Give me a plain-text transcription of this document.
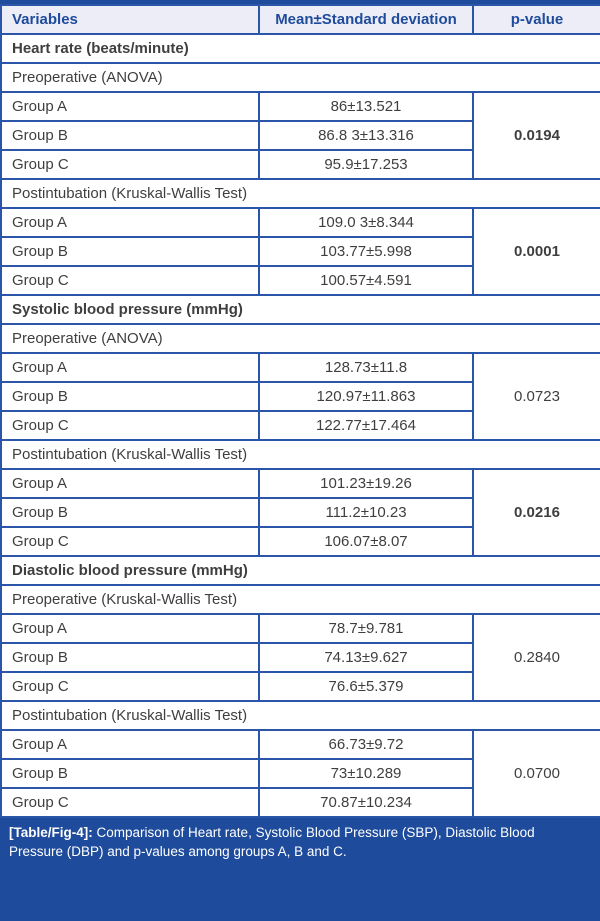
Variables	Mean±Standard deviation	p-value
Heart rate (beats/minute)		
Preoperative (ANOVA)		
Group A	86±13.521	0.0194
Group B	86.8 3±13.316	
Group C	95.9±17.253	
Postintubation (Kruskal-Wallis Test)		
Group A	109.0 3±8.344	0.0001
Group B	103.77±5.998	
Group C	100.57±4.591	
Systolic blood pressure (mmHg)		
Preoperative (ANOVA)		
Group A	128.73±11.8	0.0723
Group B	120.97±11.863	
Group C	122.77±17.464	
Postintubation (Kruskal-Wallis Test)		
Group A	101.23±19.26	0.0216
Group B	111.2±10.23	
Group C	106.07±8.07	
Diastolic blood pressure (mmHg)		
Preoperative (Kruskal-Wallis Test)		
Group A	78.7±9.781	0.2840
Group B	74.13±9.627	
Group C	76.6±5.379	
Postintubation (Kruskal-Wallis Test)		
Group A	66.73±9.72	0.0700
Group B	73±10.289	
Group C	70.87±10.234	
[Table/Fig-4]: Comparison of Heart rate, Systolic Blood Pressure (SBP), Diastolic Blood Pressure (DBP) and p-values among groups A, B and C.
